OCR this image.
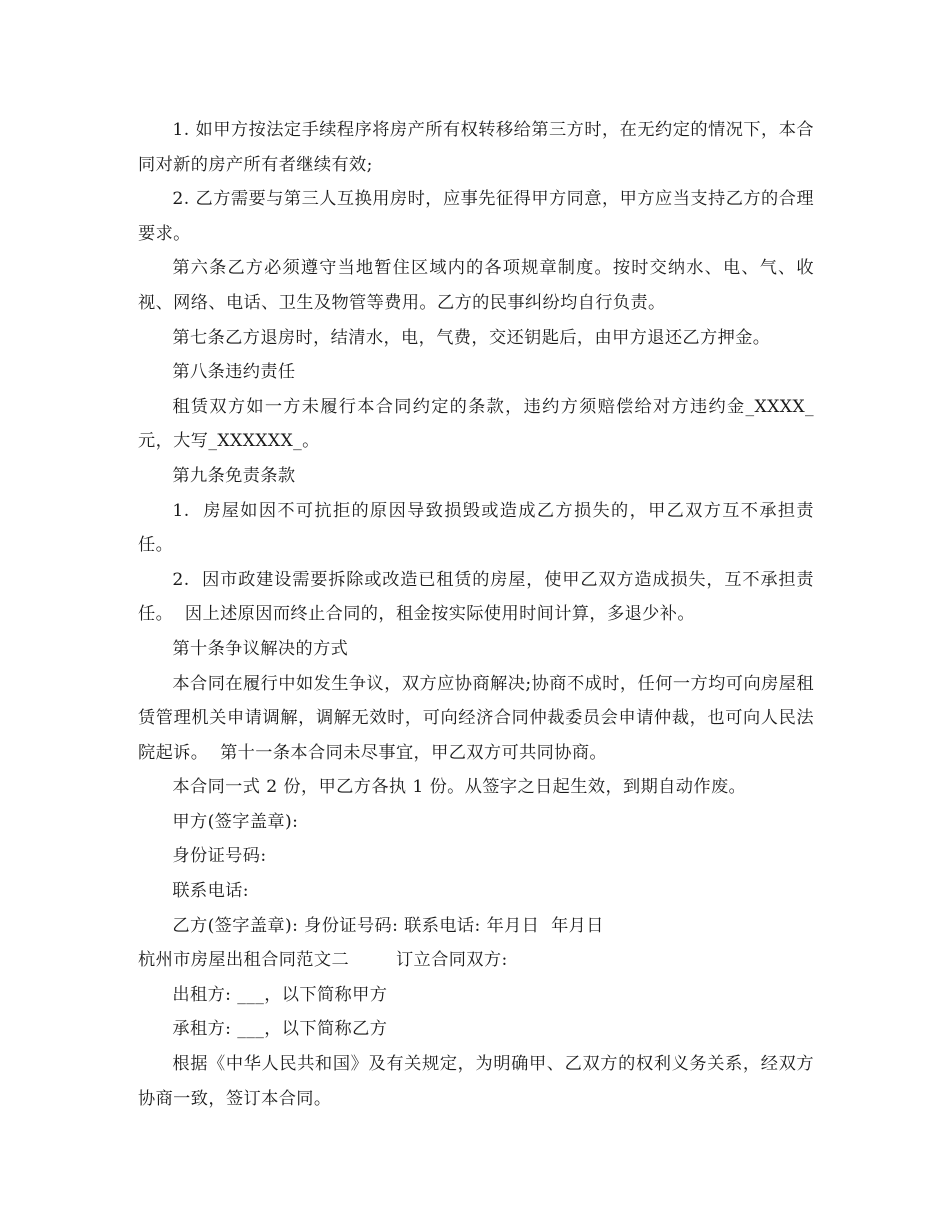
1. 如甲方按法定手续程序将房产所有权转移给第三方时，在无约定的情况下，本合同对新的房产所有者继续有效;

2. 乙方需要与第三人互换用房时，应事先征得甲方同意，甲方应当支持乙方的合理要求。

第六条乙方必须遵守当地暂住区域内的各项规章制度。按时交纳水、电、气、收视、网络、电话、卫生及物管等费用。乙方的民事纠纷均自行负责。

第七条乙方退房时，结清水，电，气费，交还钥匙后，由甲方退还乙方押金。

第八条违约责任

租赁双方如一方未履行本合同约定的条款，违约方须赔偿给对方违约金_XXXX_元，大写_XXXXXX_。

第九条免责条款

1.  房屋如因不可抗拒的原因导致损毁或造成乙方损失的，甲乙双方互不承担责任。

2.  因市政建设需要拆除或改造已租赁的房屋，使甲乙双方造成损失，互不承担责任。  因上述原因而终止合同的，租金按实际使用时间计算，多退少补。

第十条争议解决的方式

本合同在履行中如发生争议，双方应协商解决;协商不成时，任何一方均可向房屋租赁管理机关申请调解，调解无效时，可向经济合同仲裁委员会申请仲裁，也可向人民法院起诉。  第十一条本合同未尽事宜，甲乙双方可共同协商。

本合同一式 2 份，甲乙方各执 1 份。从签字之日起生效，到期自动作废。

甲方(签字盖章):

身份证号码:

联系电话:

乙方(签字盖章): 身份证号码: 联系电话: 年月日  年月日

杭州市房屋出租合同范文二        订立合同双方:

出租方: ___，以下简称甲方

承租方: ___，以下简称乙方

根据《中华人民共和国》及有关规定，为明确甲、乙双方的权利义务关系，经双方协商一致，签订本合同。
